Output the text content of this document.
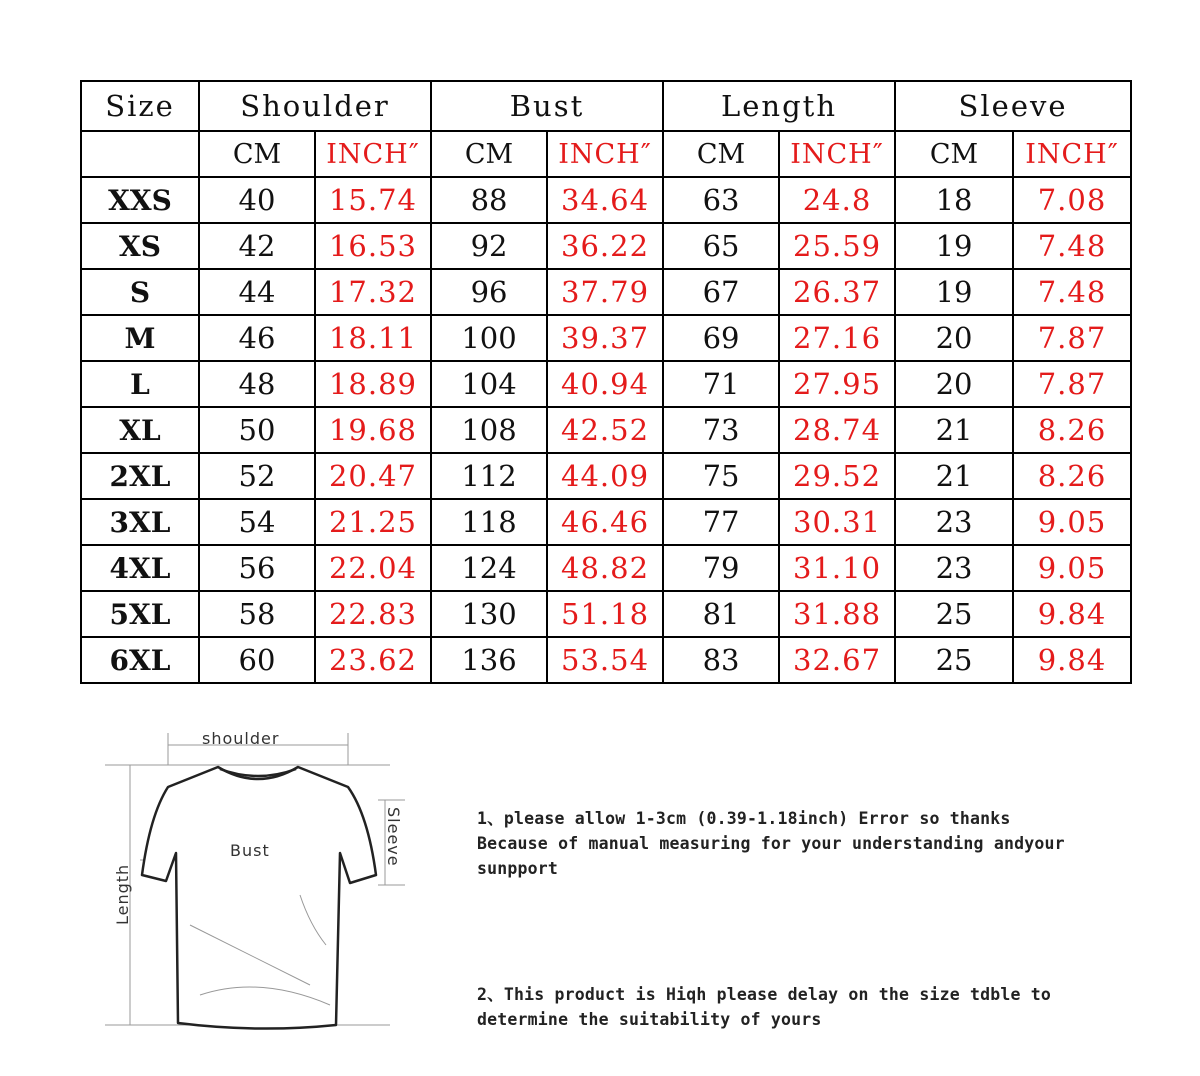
Size	Shoulder		Bust		Length		Sleeve	
	CM	INCH″	CM	INCH″	CM	INCH″	CM	INCH″
XXS	40	15.74	88	34.64	63	24.8	18	7.08
XS	42	16.53	92	36.22	65	25.59	19	7.48
S	44	17.32	96	37.79	67	26.37	19	7.48
M	46	18.11	100	39.37	69	27.16	20	7.87
L	48	18.89	104	40.94	71	27.95	20	7.87
XL	50	19.68	108	42.52	73	28.74	21	8.26
2XL	52	20.47	112	44.09	75	29.52	21	8.26
3XL	54	21.25	118	46.46	77	30.31	23	9.05
4XL	56	22.04	124	48.82	79	31.10	23	9.05
5XL	58	22.83	130	51.18	81	31.88	25	9.84
6XL	60	23.62	136	53.54	83	32.67	25	9.84
shoulder
Bust
Length
Sleeve	1、please allow 1-3cm (0.39-1.18inch) Error so thanks
Because of manual measuring for your understanding andyour
sunpport

2、This product is Hiqh please delay on the size tdble to
determine the suitability of yours
